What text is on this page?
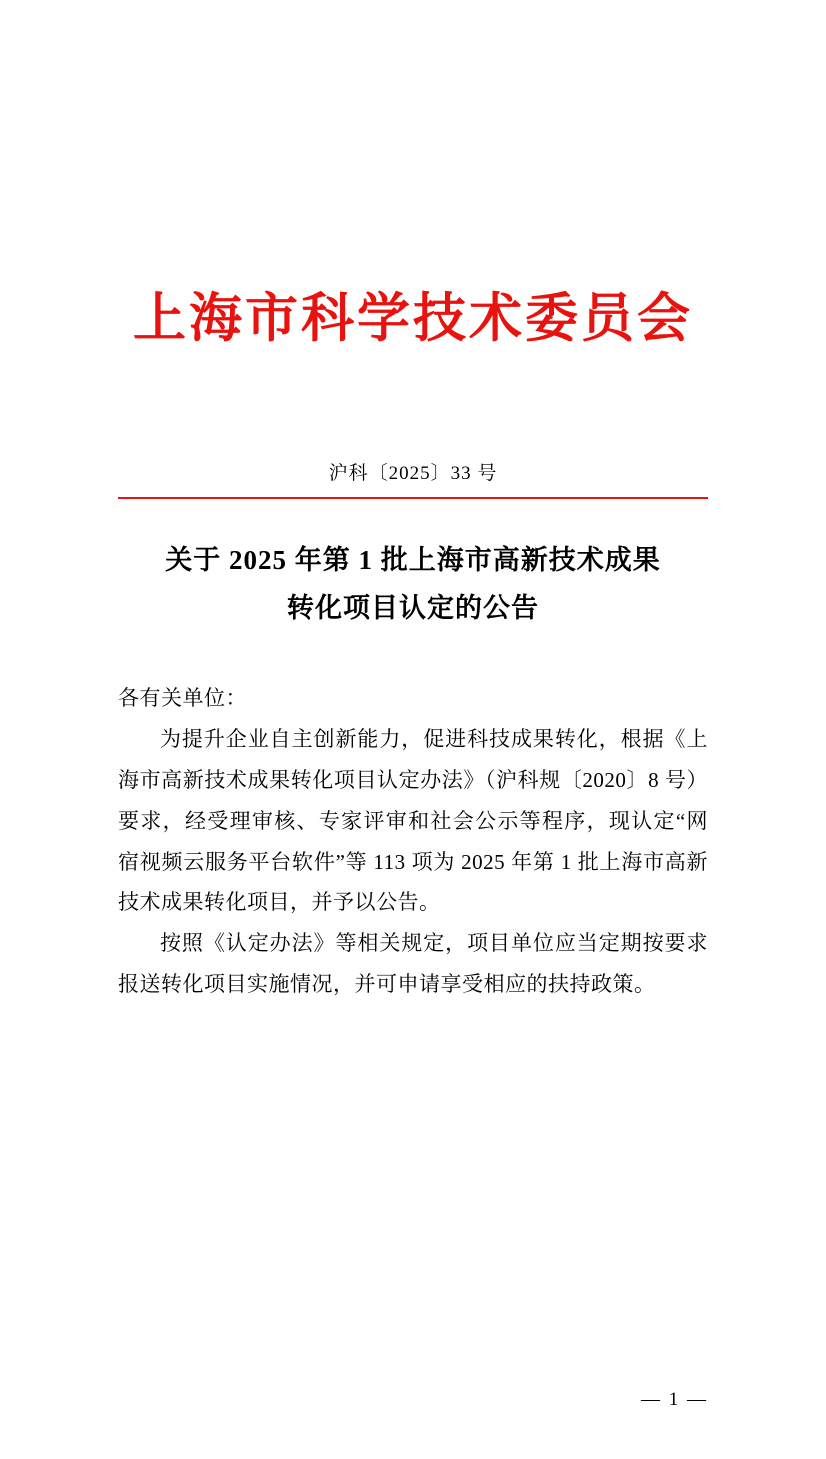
上海市科学技术委员会
沪科〔2025〕33 号
关于 2025 年第 1 批上海市高新技术成果
转化项目认定的公告

各有关单位：

为提升企业自主创新能力，促进科技成果转化，根据《上海市高新技术成果转化项目认定办法》（沪科规〔2020〕8 号）要求，经受理审核、专家评审和社会公示等程序，现认定“网宿视频云服务平台软件”等 113 项为 2025 年第 1 批上海市高新技术成果转化项目，并予以公告。

按照《认定办法》等相关规定，项目单位应当定期按要求报送转化项目实施情况，并可申请享受相应的扶持政策。

— 1 —
